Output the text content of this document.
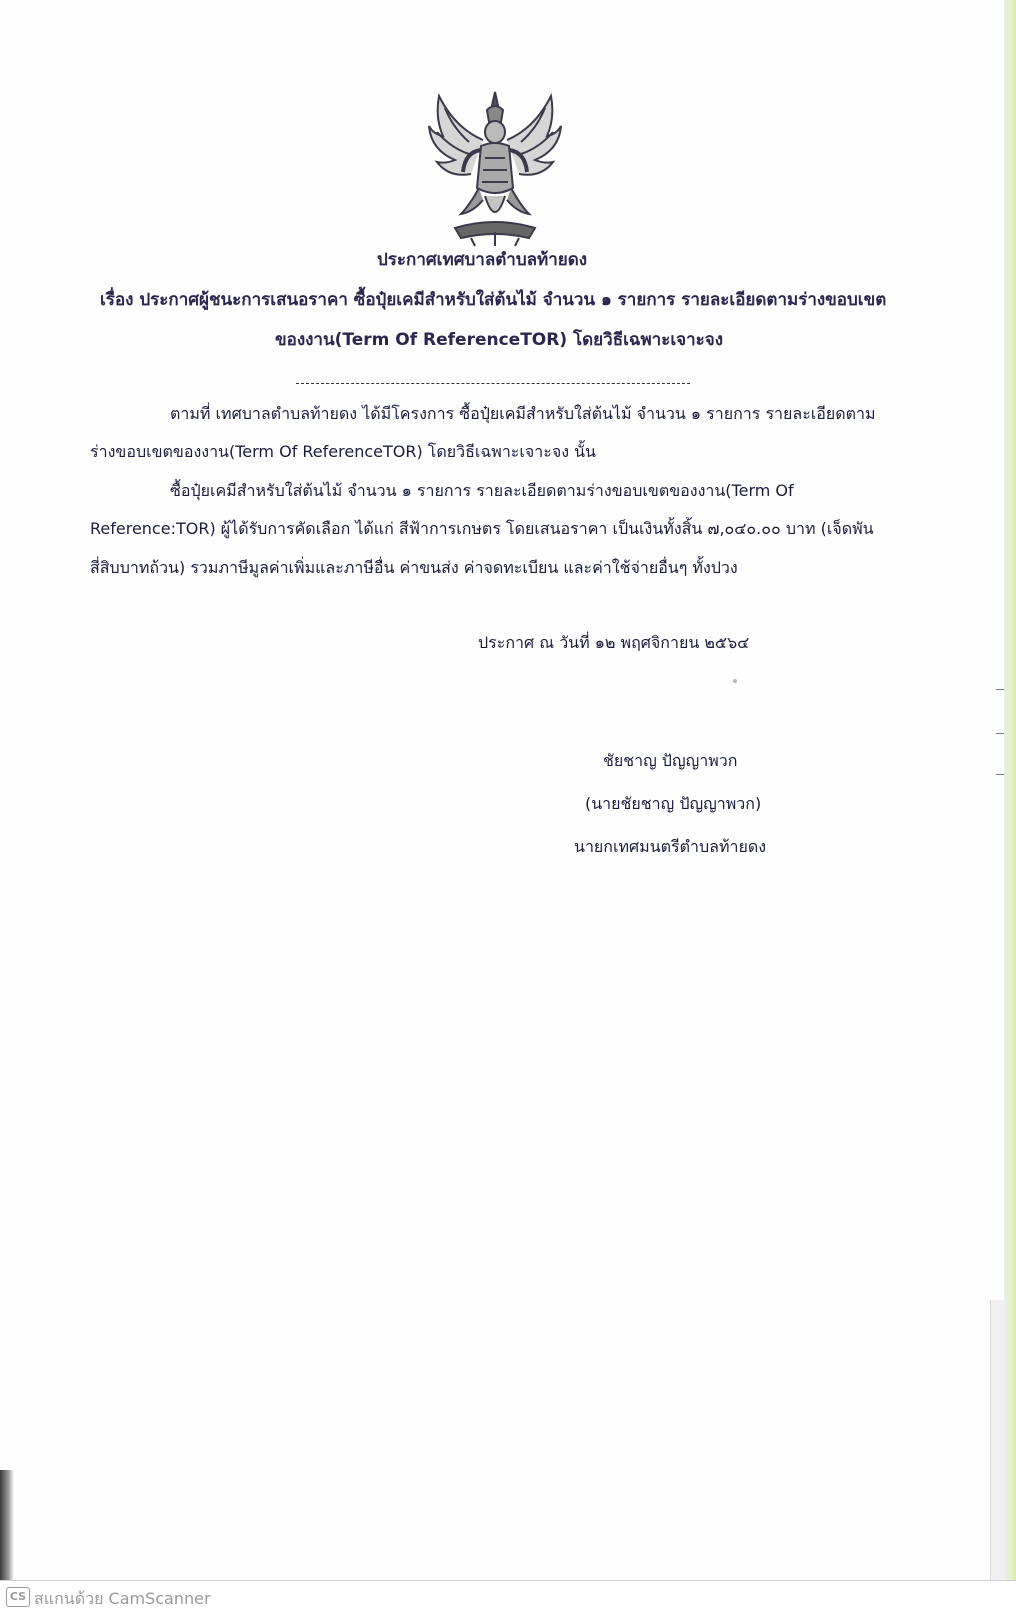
ประกาศเทศบาลตำบลท้ายดง
เรื่อง ประกาศผู้ชนะการเสนอราคา ซื้อปุ๋ยเคมีสำหรับใส่ต้นไม้ จำนวน ๑ รายการ รายละเอียดตามร่างขอบเขต
ของงาน(Term Of ReferenceTOR) โดยวิธีเฉพาะเจาะจง
ตามที่ เทศบาลตำบลท้ายดง ได้มีโครงการ ซื้อปุ๋ยเคมีสำหรับใส่ต้นไม้ จำนวน ๑ รายการ รายละเอียดตาม
ร่างขอบเขตของงาน(Term Of ReferenceTOR) โดยวิธีเฉพาะเจาะจง นั้น
ซื้อปุ๋ยเคมีสำหรับใส่ต้นไม้ จำนวน ๑ รายการ รายละเอียดตามร่างขอบเขตของงาน(Term Of
Reference:TOR) ผู้ได้รับการคัดเลือก ได้แก่ สีฟ้าการเกษตร โดยเสนอราคา เป็นเงินทั้งสิ้น ๗,๐๔๐.๐๐ บาท (เจ็ดพัน
สี่สิบบาทถ้วน) รวมภาษีมูลค่าเพิ่มและภาษีอื่น ค่าขนส่ง ค่าจดทะเบียน และค่าใช้จ่ายอื่นๆ ทั้งปวง
ประกาศ ณ วันที่ ๑๒ พฤศจิกายน ๒๕๖๔
ชัยชาญ ปัญญาพวก
(นายชัยชาญ ปัญญาพวก)
นายกเทศมนตรีตำบลท้ายดง
CS สแกนด้วย CamScanner
